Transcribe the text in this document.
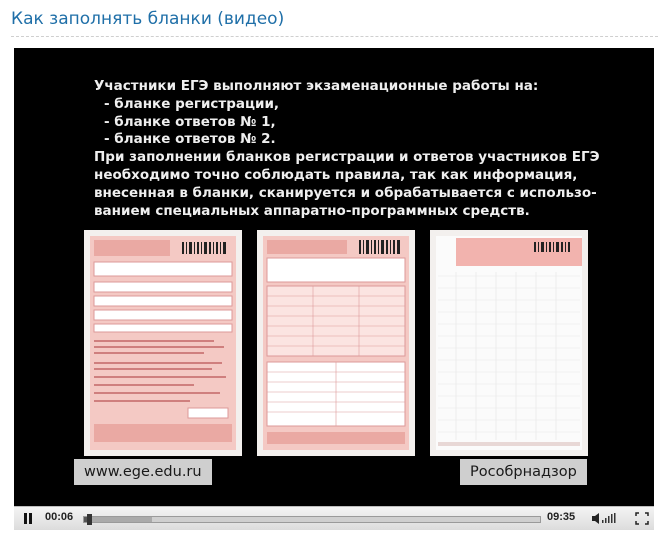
Как заполнять бланки (видео)
Участники ЕГЭ выполняют экзаменационные работы на:
- бланке регистрации,
- бланке ответов № 1,
- бланке ответов № 2.
При заполнении бланков регистрации и ответов участников ЕГЭ
необходимо точно соблюдать правила, так как информация,
внесенная в бланки, сканируется и обрабатывается с использо-
ванием специальных аппаратно-программных средств.
www.ege.edu.ru	Рособрнадзор
00:06	09:35
